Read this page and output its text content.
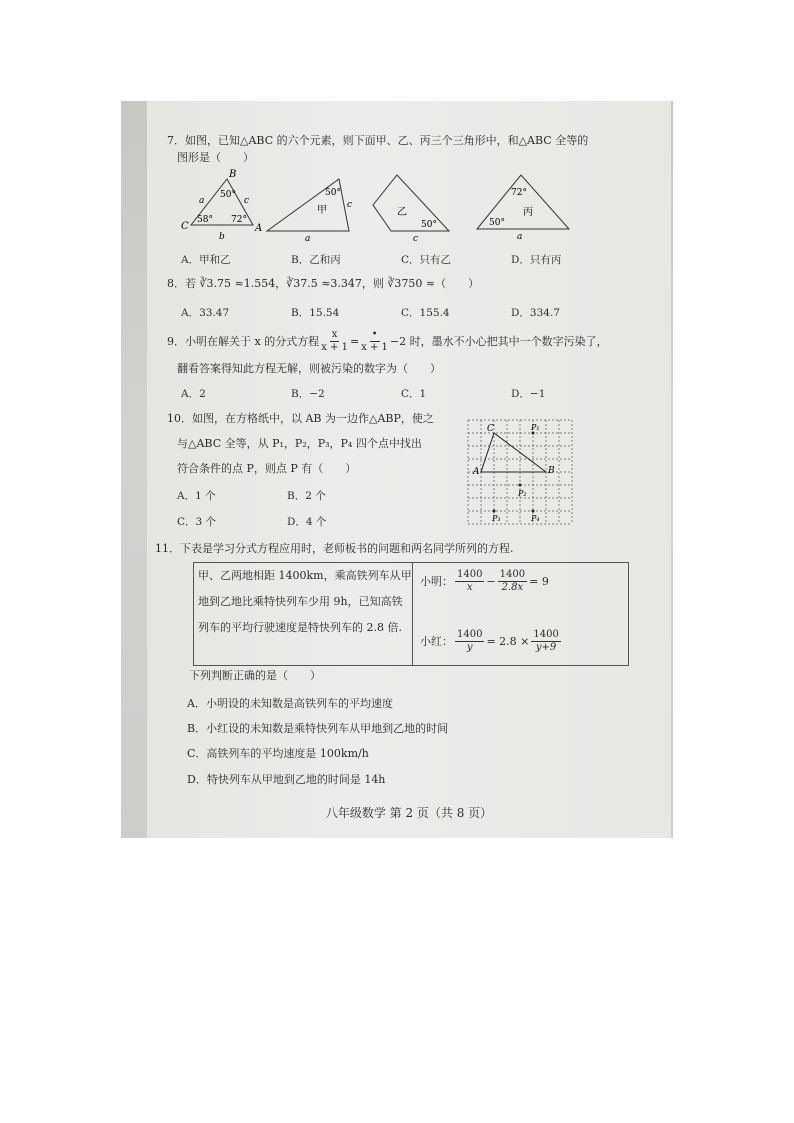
7．如图，已知△ABC 的六个元素，则下面甲、乙、丙三个三角形中，和△ABC 全等的
图形是（　　）
B
C	A
a	c
b
50°
58° 72°
50°
甲 c
a
乙
50°
c
72°
丙
50°
a
A．甲和乙	B．乙和丙	C．只有乙	D．只有丙
8．若 ∛3.75 ≈1.554，∛37.5 ≈3.347，则 ∛3750 ≈（　　）
A．33.47	B．15.54	C．155.4	D．334.7
9．小明在解关于 x 的分式方程 $\frac{x}{x + 1} = \frac{•}{x + 1} -2$ 时，墨水不小心把其中一个数字污染了，
翻看答案得知此方程无解，则被污染的数字为（　　）
A．2	B．−2	C．1	D．−1
10．如图，在方格纸中，以 AB 为一边作△ABP，使之
与△ABC 全等，从 P₁，P₂，P₃，P₄ 四个点中找出
符合条件的点 P，则点 P 有（　　）
A．1 个	B．2 个
C．3 个	D．4 个
C
A	B
P₁
P₂
P₃	P₄
11．下表是学习分式方程应用时，老师板书的问题和两名同学所列的方程.
甲、乙两地相距 1400km，乘高铁列车从甲
地到乙地比乘特快列车少用 9h，已知高铁
列车的平均行驶速度是特快列车的 2.8 倍.
小明： $\frac{1400}{x} - \frac{1400}{2.8x} = 9$
小红： $\frac{1400}{y} = 2.8 \times \frac{1400}{y+9}$
下列判断正确的是（　　）
A．小明设的未知数是高铁列车的平均速度
B．小红设的未知数是乘特快列车从甲地到乙地的时间
C．高铁列车的平均速度是 100km/h
D．特快列车从甲地到乙地的时间是 14h
八年级数学 第 2 页（共 8 页）
